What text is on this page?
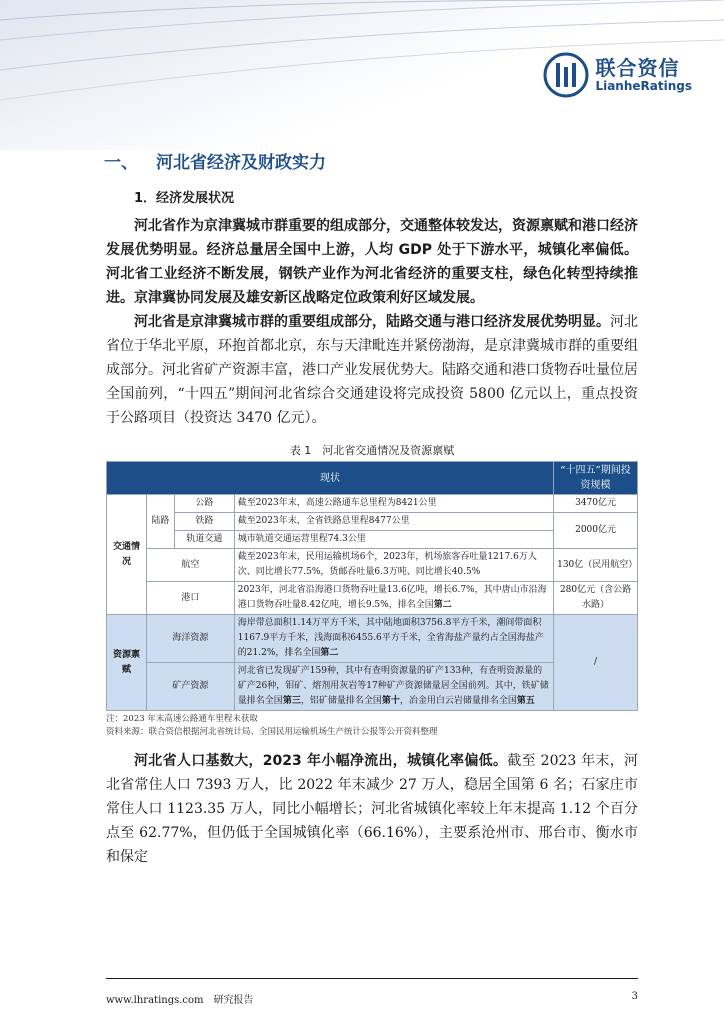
联合资信
LianheRatings
一、 河北省经济及财政实力
1．经济发展状况

河北省作为京津冀城市群重要的组成部分，交通整体较发达，资源禀赋和港口经济发展优势明显。经济总量居全国中上游，人均 GDP 处于下游水平，城镇化率偏低。河北省工业经济不断发展，钢铁产业作为河北省经济的重要支柱，绿色化转型持续推进。京津冀协同发展及雄安新区战略定位政策利好区域发展。

河北省是京津冀城市群的重要组成部分，陆路交通与港口经济发展优势明显。河北省位于华北平原，环抱首都北京，东与天津毗连并紧傍渤海，是京津冀城市群的重要组成部分。河北省矿产资源丰富，港口产业发展优势大。陆路交通和港口货物吞吐量位居全国前列，“十四五”期间河北省综合交通建设将完成投资 5800 亿元以上，重点投资于公路项目（投资达 3470 亿元）。

表 1　河北省交通情况及资源禀赋
现状				“十四五”期间投资规模
交通情况	陆路	公路	截至2023年末，高速公路通车总里程为8421公里	3470亿元
		铁路	截至2023年末，全省铁路总里程8477公里	2000亿元
		轨道交通	城市轨道交通运营里程74.3公里	
	航空		截至2023年末，民用运输机场6个，2023年，机场旅客吞吐量1217.6万人次、同比增长77.5%，货邮吞吐量6.3万吨、同比增长40.5%	130亿（民用航空）
	港口		2023年，河北省沿海港口货物吞吐量13.6亿吨，增长6.7%，其中唐山市沿海港口货物吞吐量8.42亿吨，增长9.5%，排名全国第二	280亿元（含公路水路）
资源禀赋	海洋资源		海岸带总面积1.14万平方千米，其中陆地面积3756.8平方千米，潮间带面积1167.9平方千米，浅海面积6455.6平方千米，全省海盐产量约占全国海盐产的21.2%，排名全国第二	/
	矿产资源		河北省已发现矿产159种，其中有查明资源量的矿产133种，有查明资源量的矿产26种，钼矿、熔剂用灰岩等17种矿产资源储量居全国前列。其中，铁矿储量排名全国第三，铝矿储量排名全国第十，冶金用白云岩储量排名全国第五	
注：2023 年末高速公路通车里程未获取
资料来源：联合资信根据河北省统计局、全国民用运输机场生产统计公报等公开资料整理

河北省人口基数大，2023 年小幅净流出，城镇化率偏低。截至 2023 年末，河北省常住人口 7393 万人，比 2022 年末减少 27 万人，稳居全国第 6 名；石家庄市常住人口 1123.35 万人，同比小幅增长；河北省城镇化率较上年末提高 1.12 个百分点至 62.77%，但仍低于全国城镇化率（66.16%），主要系沧州市、邢台市、衡水市和保定

www.lhratings.com　研究报告	3
